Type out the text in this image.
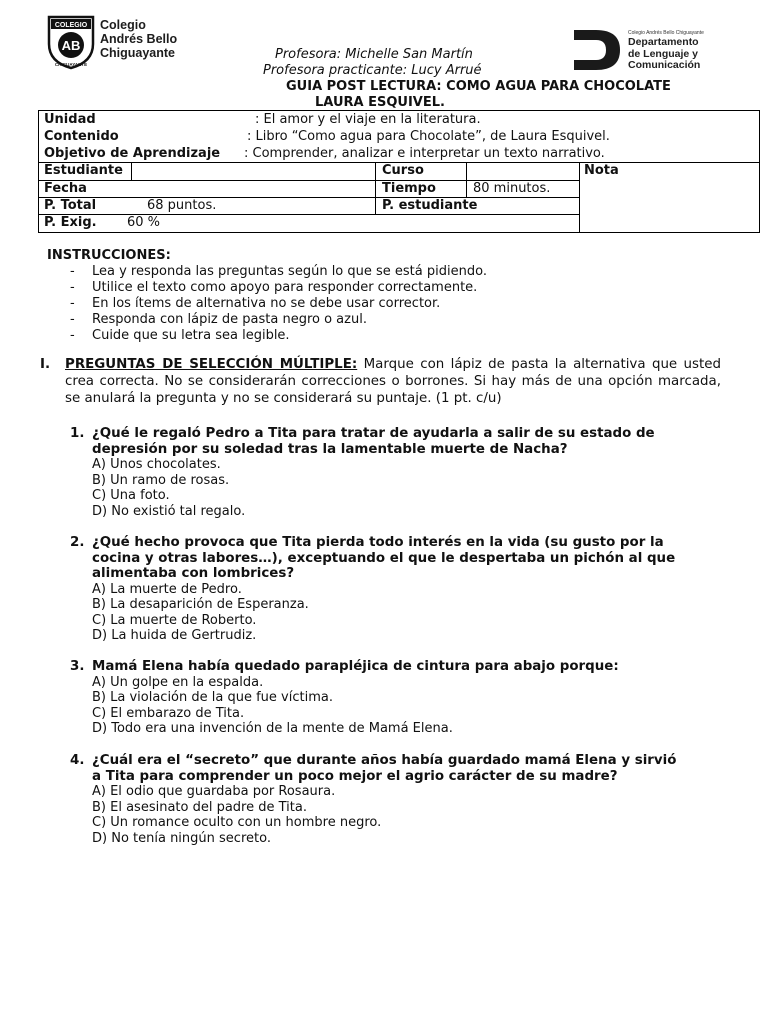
COLEGIO
AB
CHIGUAYANTE
Colegio
Andrés Bello
Chiguayante
Colegio Andrés Bello Chiguayante
Departamento
de Lenguaje y
Comunicación
Profesora: Michelle San Martín
Profesora practicante: Lucy Arrué
GUIA POST LECTURA: COMO AGUA PARA CHOCOLATE
LAURA ESQUIVEL.
Unidad	: El amor y el viaje en la literatura.
Contenido	: Libro “Como agua para Chocolate”, de Laura Esquivel.
Objetivo de Aprendizaje : Comprender, analizar e interpretar un texto narrativo.
Estudiante	Curso	Nota
Fecha	Tiempo	80 minutos.
P. Total	68 puntos.	P. estudiante
P. Exig. 60 %
INSTRUCCIONES:
- Lea y responda las preguntas según lo que se está pidiendo.
- Utilice el texto como apoyo para responder correctamente.
- En los ítems de alternativa no se debe usar corrector.
- Responda con lápiz de pasta negro o azul.
- Cuide que su letra sea legible.
I. PREGUNTAS DE SELECCIÓN MÚLTIPLE: Marque con lápiz de pasta la alternativa que usted crea correcta. No se considerarán correcciones o borrones. Si hay más de una opción marcada, se anulará la pregunta y no se considerará su puntaje. (1 pt. c/u)
1. ¿Qué le regaló Pedro a Tita para tratar de ayudarla a salir de su estado de
depresión por su soledad tras la lamentable muerte de Nacha?
A) Unos chocolates.
B) Un ramo de rosas.
C) Una foto.
D) No existió tal regalo.
2. ¿Qué hecho provoca que Tita pierda todo interés en la vida (su gusto por la
cocina y otras labores…), exceptuando el que le despertaba un pichón al que
alimentaba con lombrices?
A) La muerte de Pedro.
B) La desaparición de Esperanza.
C) La muerte de Roberto.
D) La huida de Gertrudiz.
3. Mamá Elena había quedado parapléjica de cintura para abajo porque:
A) Un golpe en la espalda.
B) La violación de la que fue víctima.
C) El embarazo de Tita.
D) Todo era una invención de la mente de Mamá Elena.
4. ¿Cuál era el “secreto” que durante años había guardado mamá Elena y sirvió
a Tita para comprender un poco mejor el agrio carácter de su madre?
A) El odio que guardaba por Rosaura.
B) El asesinato del padre de Tita.
C) Un romance oculto con un hombre negro.
D) No tenía ningún secreto.
